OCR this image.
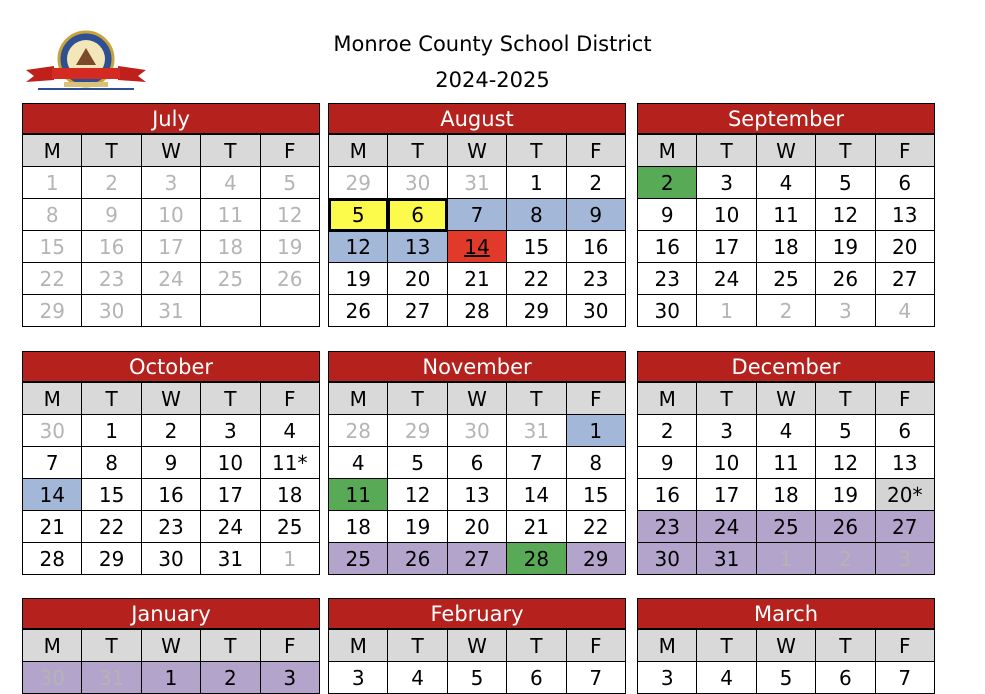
Monroe County School District
2024-2025
July
M	T	W	T	F
1	2	3	4	5
8	9	10	11	12
15	16	17	18	19
22	23	24	25	26
29	30	31		
August
M	T	W	T	F
29	30	31	1	2
5	6	7	8	9
12	13	14	15	16
19	20	21	22	23
26	27	28	29	30
September
M	T	W	T	F
2	3	4	5	6
9	10	11	12	13
16	17	18	19	20
23	24	25	26	27
30	1	2	3	4
October
M	T	W	T	F
30	1	2	3	4
7	8	9	10	11*
14	15	16	17	18
21	22	23	24	25
28	29	30	31	1
November
M	T	W	T	F
28	29	30	31	1
4	5	6	7	8
11	12	13	14	15
18	19	20	21	22
25	26	27	28	29
December
M	T	W	T	F
2	3	4	5	6
9	10	11	12	13
16	17	18	19	20*
23	24	25	26	27
30	31	1	2	3
January
M	T	W	T	F
30	31	1	2	3
February
M	T	W	T	F
3	4	5	6	7
March
M	T	W	T	F
3	4	5	6	7
